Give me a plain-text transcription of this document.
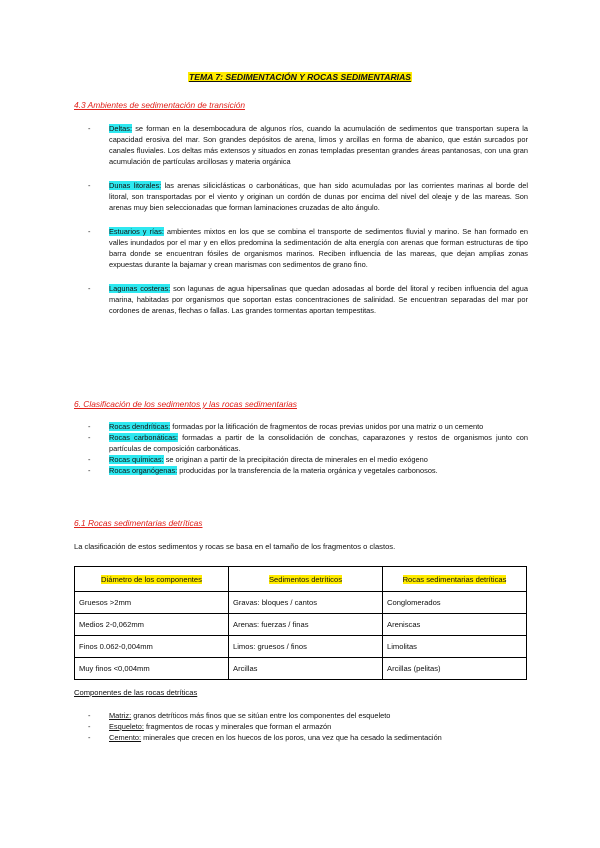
TEMA 7: SEDIMENTACIÓN Y ROCAS SEDIMENTARIAS
4.3 Ambientes de sedimentación de transición
- Deltas: se forman en la desembocadura de algunos ríos, cuando la acumulación de sedimentos que transportan supera la capacidad erosiva del mar. Son grandes depósitos de arena, limos y arcillas en forma de abanico, que están surcados por canales fluviales. Los deltas más extensos y situados en zonas templadas presentan grandes áreas pantanosas, con una gran acumulación de partículas arcillosas y materia orgánica
- Dunas litorales: las arenas siliciclásticas o carbonáticas, que han sido acumuladas por las corrientes marinas al borde del litoral, son transportadas por el viento y originan un cordón de dunas por encima del nivel del oleaje y de las mareas. Son arenas muy bien seleccionadas que forman laminaciones cruzadas de alto ángulo.
- Estuarios y rías: ambientes mixtos en los que se combina el transporte de sedimentos fluvial y marino. Se han formado en valles inundados por el mar y en ellos predomina la sedimentación de alta energía con arenas que forman estructuras de tipo barra donde se encuentran fósiles de organismos marinos. Reciben influencia de las mareas, que dejan amplias zonas expuestas durante la bajamar y crean marismas con sedimentos de grano fino.
- Lagunas costeras: son lagunas de agua hipersalinas que quedan adosadas al borde del litoral y reciben influencia del agua marina, habitadas por organismos que soportan estas concentraciones de salinidad. Se encuentran separadas del mar por cordones de arenas, flechas o fallas. Las grandes tormentas aportan tempestitas.
6. Clasificación de los sedimentos y las rocas sedimentarias
- Rocas dendríticas: formadas por la litificación de fragmentos de rocas previas unidos por una matriz o un cemento
- Rocas carbonáticas: formadas a partir de la consolidación de conchas, caparazones y restos de organismos junto con partículas de composición carbonáticas.
- Rocas químicas: se originan a partir de la precipitación directa de minerales en el medio exógeno
- Rocas organógenas: producidas por la transferencia de la materia orgánica y vegetales carbonosos.
6.1 Rocas sedimentarias detríticas
La clasificación de estos sedimentos y rocas se basa en el tamaño de los fragmentos o clastos.
Diámetro de los componentes	Sedimentos detríticos	Rocas sedimentarias detríticas
Gruesos >2mm	Gravas: bloques / cantos	Conglomerados
Medios 2-0,062mm	Arenas: fuerzas / finas	Areniscas
Finos 0.062-0,004mm	Limos: gruesos / finos	Limolitas
Muy finos <0,004mm	Arcillas	Arcillas (pelitas)
Componentes de las rocas detríticas
- Matriz: granos detríticos más finos que se sitúan entre los componentes del esqueleto
- Esqueleto: fragmentos de rocas y minerales que forman el armazón
- Cemento: minerales que crecen en los huecos de los poros, una vez que ha cesado la sedimentación
